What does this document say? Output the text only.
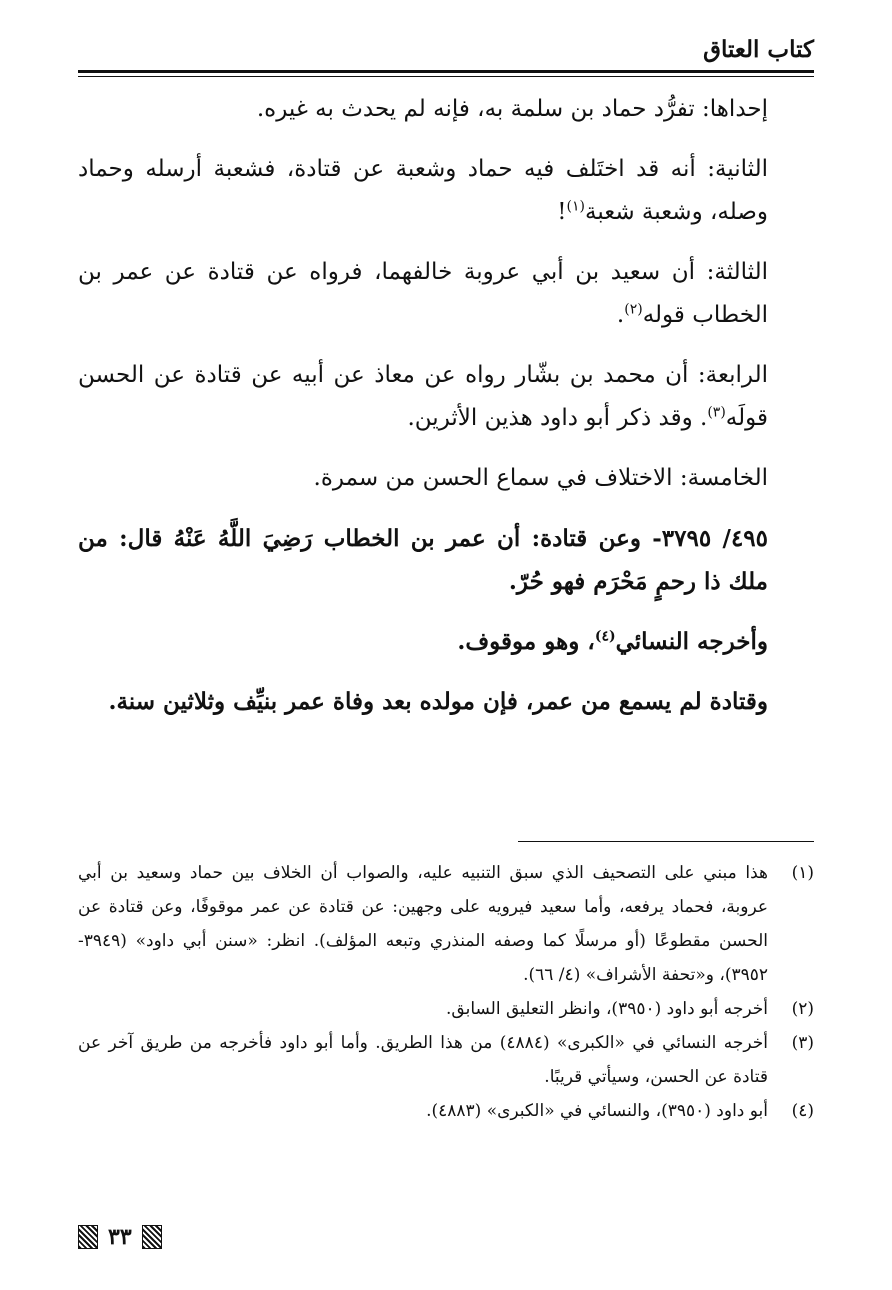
كتاب العتاق

إحداها: تفرُّد حماد بن سلمة به، فإنه لم يحدث به غيره.

الثانية: أنه قد اختَلف فيه حماد وشعبة عن قتادة، فشعبة أرسله وحماد وصله، وشعبة شعبة$^{(١)}$!

الثالثة: أن سعيد بن أبي عروبة خالفهما، فرواه عن قتادة عن عمر بن الخطاب قوله$^{(٢)}$.

الرابعة: أن محمد بن بشّار رواه عن معاذ عن أبيه عن قتادة عن الحسن قولَه$^{(٣)}$. وقد ذكر أبو داود هذين الأثرين.

الخامسة: الاختلاف في سماع الحسن من سمرة.

٤٩٥/ ٣٧٩٥- وعن قتادة: أن عمر بن الخطاب رَضِيَ اللَّهُ عَنْهُ قال: من ملك ذا رحمٍ مَحْرَم فهو حُرّ.

وأخرجه النسائي$^{(٤)}$، وهو موقوف.

وقتادة لم يسمع من عمر، فإن مولده بعد وفاة عمر بنيِّف وثلاثين سنة.

(١)
هذا مبني على التصحيف الذي سبق التنبيه عليه، والصواب أن الخلاف بين حماد وسعيد بن أبي عروبة، فحماد يرفعه، وأما سعيد فيرويه على وجهين: عن قتادة عن عمر موقوفًا، وعن قتادة عن الحسن مقطوعًا (أو مرسلًا كما وصفه المنذري وتبعه المؤلف). انظر: «سنن أبي داود» (٣٩٤٩- ٣٩٥٢)، و«تحفة الأشراف» (٤/ ٦٦).

(٢)
أخرجه أبو داود (٣٩٥٠)، وانظر التعليق السابق.

(٣)
أخرجه النسائي في «الكبرى» (٤٨٨٤) من هذا الطريق. وأما أبو داود فأخرجه من طريق آخر عن قتادة عن الحسن، وسيأتي قريبًا.

(٤)
أبو داود (٣٩٥٠)، والنسائي في «الكبرى» (٤٨٨٣).

٣٣
